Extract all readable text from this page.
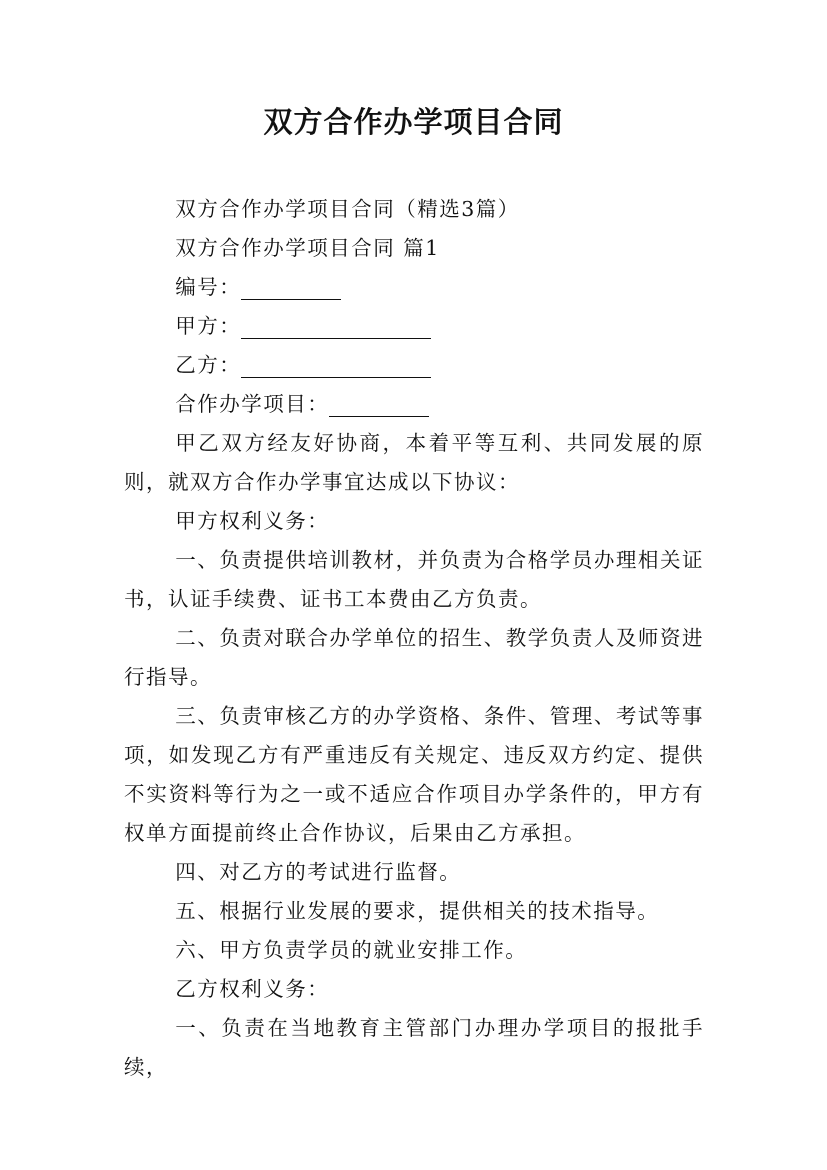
双方合作办学项目合同

双方合作办学项目合同（精选3篇）

双方合作办学项目合同 篇1

编号：

甲方：

乙方：

合作办学项目：

甲乙双方经友好协商，本着平等互利、共同发展的原则，就双方合作办学事宜达成以下协议：

甲方权利义务：

一、负责提供培训教材，并负责为合格学员办理相关证书，认证手续费、证书工本费由乙方负责。

二、负责对联合办学单位的招生、教学负责人及师资进行指导。

三、负责审核乙方的办学资格、条件、管理、考试等事项，如发现乙方有严重违反有关规定、违反双方约定、提供不实资料等行为之一或不适应合作项目办学条件的，甲方有权单方面提前终止合作协议，后果由乙方承担。

四、对乙方的考试进行监督。

五、根据行业发展的要求，提供相关的技术指导。

六、甲方负责学员的就业安排工作。

乙方权利义务：

一、负责在当地教育主管部门办理办学项目的报批手续，
